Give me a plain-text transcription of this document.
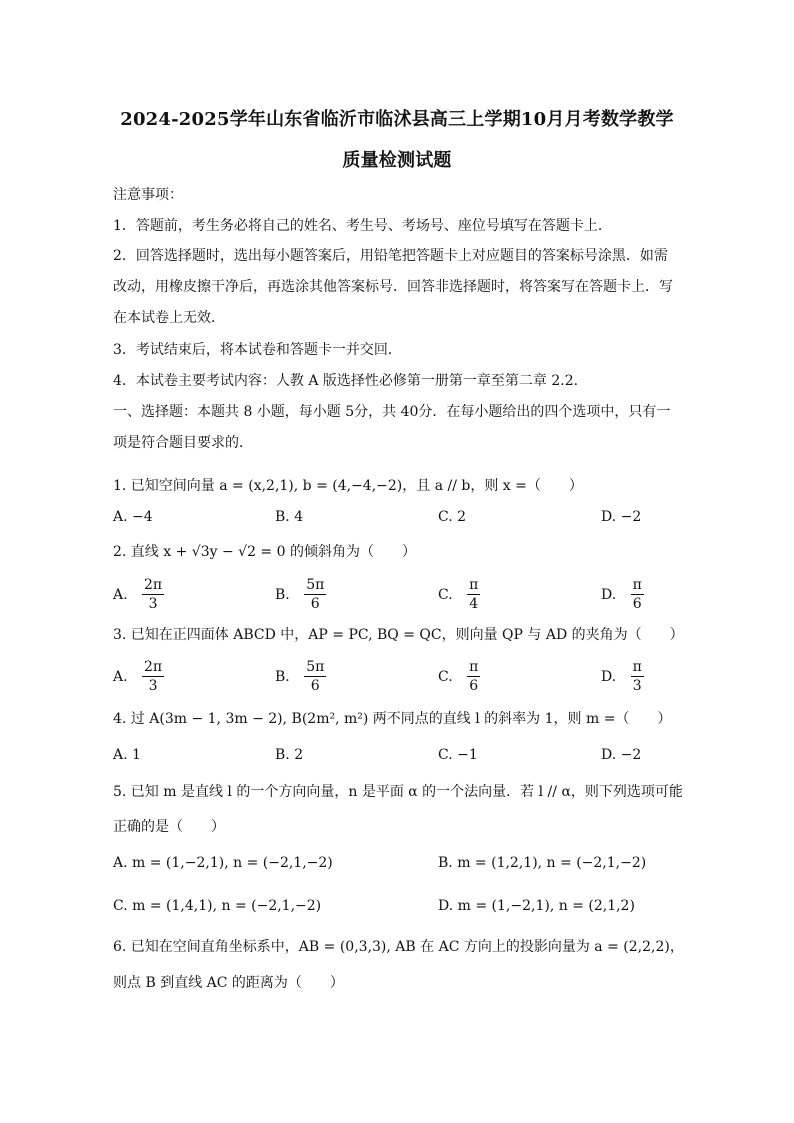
2024-2025学年山东省临沂市临沭县高三上学期10月月考数学教学
质量检测试题
注意事项：
1．答题前，考生务必将自己的姓名、考生号、考场号、座位号填写在答题卡上．
2．回答选择题时，选出每小题答案后，用铅笔把答题卡上对应题目的答案标号涂黑．如需
改动，用橡皮擦干净后，再选涂其他答案标号．回答非选择题时，将答案写在答题卡上．写
在本试卷上无效．
3．考试结束后，将本试卷和答题卡一并交回．
4．本试卷主要考试内容：人教 A 版选择性必修第一册第一章至第二章 2.2.
一、选择题：本题共 8 小题，每小题 5分，共 40分．在每小题给出的四个选项中，只有一
项是符合题目要求的．
1. 已知空间向量 a = (x,2,1), b = (4,−4,−2)，且 a // b，则 x =（　　）
A. −4	B. 4	C. 2	D. −2
2. 直线 x + √3y − √2 = 0 的倾斜角为（　　）
A. $\frac{2\pi}{3}$	B. $\frac{5\pi}{6}$	C. $\frac{\pi}{4}$	D. $\frac{\pi}{6}$
3. 已知在正四面体 ABCD 中，AP = PC, BQ = QC，则向量 QP 与 AD 的夹角为（　　）
A. $\frac{2\pi}{3}$	B. $\frac{5\pi}{6}$	C. $\frac{\pi}{6}$	D. $\frac{\pi}{3}$
4. 过 A(3m − 1, 3m − 2), B(2m², m²) 两不同点的直线 l 的斜率为 1，则 m =（　　）
A. 1	B. 2	C. −1	D. −2
5. 已知 m 是直线 l 的一个方向向量，n 是平面 α 的一个法向量．若 l // α，则下列选项可能
正确的是（　　）
A. m = (1,−2,1), n = (−2,1,−2)	B. m = (1,2,1), n = (−2,1,−2)
C. m = (1,4,1), n = (−2,1,−2)	D. m = (1,−2,1), n = (2,1,2)
6. 已知在空间直角坐标系中，AB = (0,3,3), AB 在 AC 方向上的投影向量为 a = (2,2,2)，
则点 B 到直线 AC 的距离为（　　）
